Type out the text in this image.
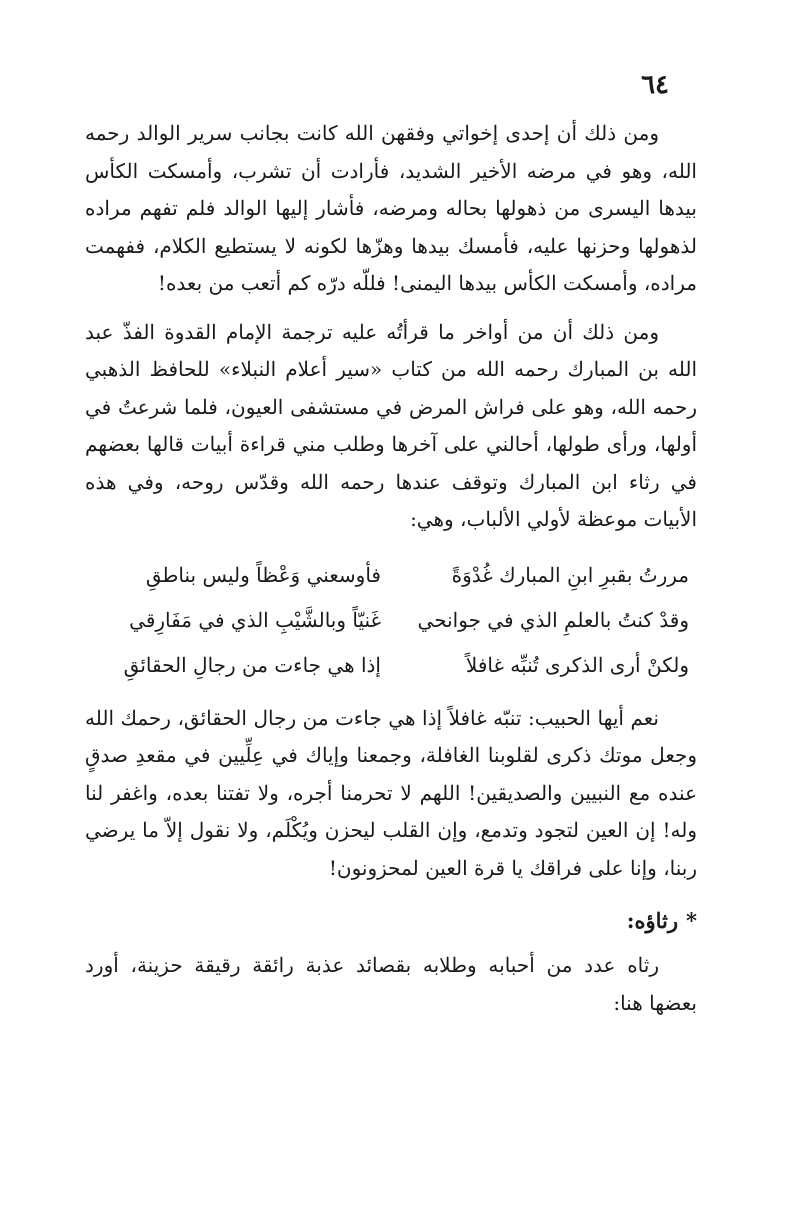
٦٤

ومن ذلك أن إحدى إخواتي وفقهن الله كانت بجانب سرير الوالد رحمه الله، وهو في مرضه الأخير الشديد، فأرادت أن تشرب، وأمسكت الكأس بيدها اليسرى من ذهولها بحاله ومرضه، فأشار إليها الوالد فلم تفهم مراده لذهولها وحزنها عليه، فأمسك بيدها وهزّها لكونه لا يستطيع الكلام، ففهمت مراده، وأمسكت الكأس بيدها اليمنى! فللّه درّه كم أتعب من بعده!

ومن ذلك أن من أواخر ما قرأتُه عليه ترجمة الإمام القدوة الفذّ عبد الله بن المبارك رحمه الله من كتاب «سير أعلام النبلاء» للحافظ الذهبي رحمه الله، وهو على فراش المرض في مستشفى العيون، فلما شرعتُ في أولها، ورأى طولها، أحالني على آخرها وطلب مني قراءة أبيات قالها بعضهم في رثاء ابن المبارك وتوقف عندها رحمه الله وقدّس روحه، وفي هذه الأبيات موعظة لأولي الألباب، وهي:

مررتُ بقبرِ ابنِ المبارك غُدْوَةً
فأوسعني وَعْظاً وليس بناطقِ
وقدْ كنتُ بالعلمِ الذي في جوانحي
غَنيّاً وبالشَّيْبِ الذي في مَفَارِقي
ولكنْ أرى الذكرى تُنبِّه غافلاً
إذا هي جاءت من رجالِ الحقائقِ

نعم أيها الحبيب: تنبّه غافلاً إذا هي جاءت من رجال الحقائق، رحمك الله وجعل موتك ذكرى لقلوبنا الغافلة، وجمعنا وإياك في عِلِّيين في مقعدِ صدقٍ عنده مع النبيين والصديقين! اللهم لا تحرمنا أجره، ولا تفتنا بعده، واغفر لنا وله! إن العين لتجود وتدمع، وإن القلب ليحزن ويُكْلَم، ولا نقول إلاّ ما يرضي ربنا، وإنا على فراقك يا قرة العين لمحزونون!

*رثاؤه:

رثاه عدد من أحبابه وطلابه بقصائد عذبة رائقة رقيقة حزينة، أورد بعضها هنا:
